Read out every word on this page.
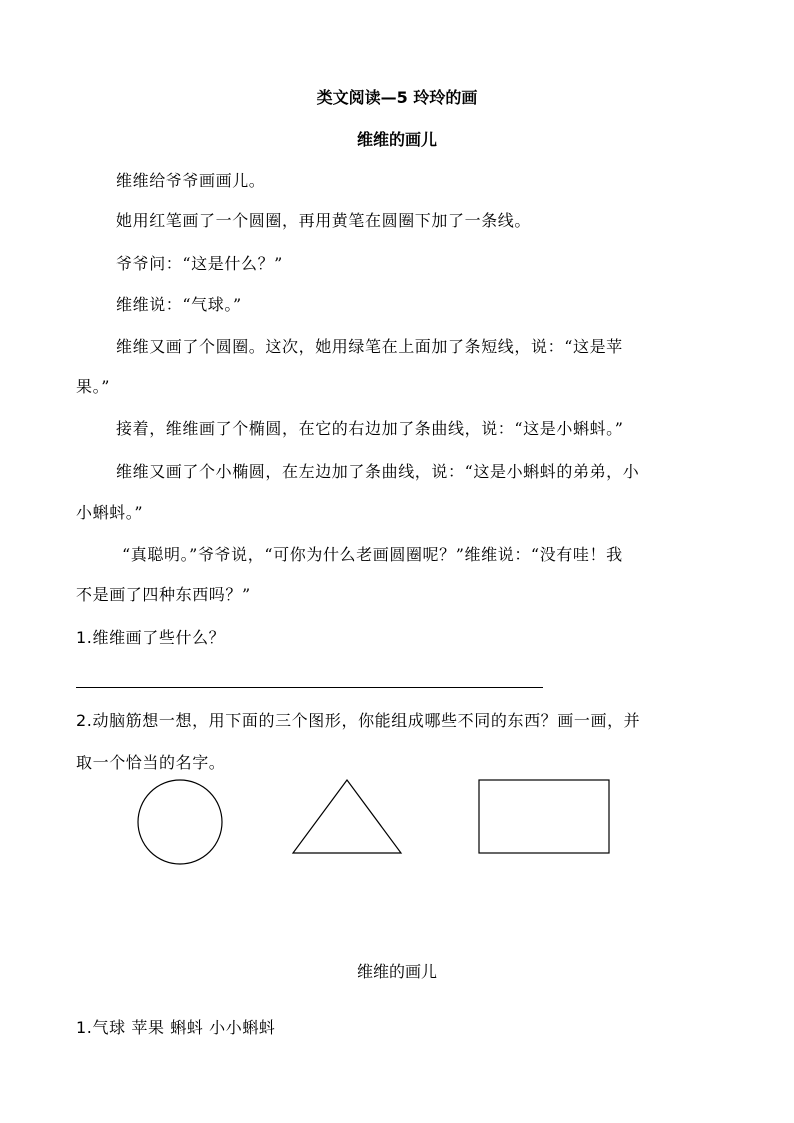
类文阅读—5 玲玲的画
维维的画儿
维维给爷爷画画儿。
她用红笔画了一个圆圈，再用黄笔在圆圈下加了一条线。
爷爷问：“这是什么？”
维维说：“气球。”
维维又画了个圆圈。这次，她用绿笔在上面加了条短线，说：“这是苹
果。”
接着，维维画了个椭圆，在它的右边加了条曲线，说：“这是小蝌蚪。”
维维又画了个小椭圆，在左边加了条曲线，说：“这是小蝌蚪的弟弟，小
小蝌蚪。”
“真聪明。”爷爷说，“可你为什么老画圆圈呢？”维维说：“没有哇！我
不是画了四种东西吗？”
1.维维画了些什么？
2.动脑筋想一想，用下面的三个图形，你能组成哪些不同的东西？画一画，并
取一个恰当的名字。
维维的画儿
1.气球 苹果 蝌蚪 小小蝌蚪
